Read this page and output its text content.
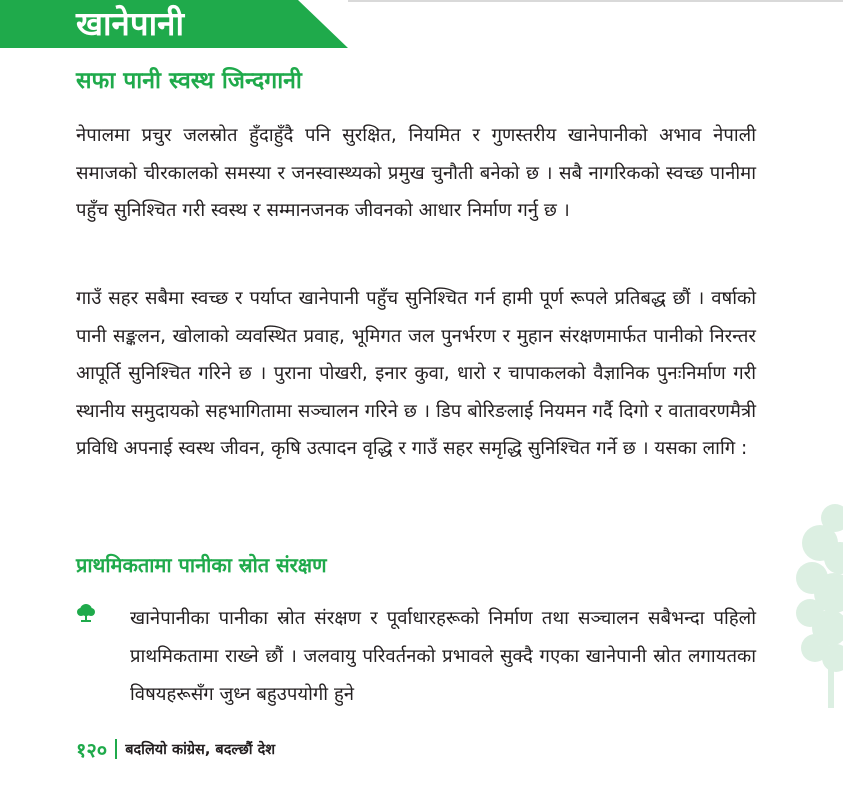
खानेपानी
सफा पानी स्वस्थ जिन्दगानी

नेपालमा प्रचुर जलस्रोत हुँदाहुँदै पनि सुरक्षित, नियमित र गुणस्तरीय खानेपानीको अभाव नेपाली समाजको चीरकालको समस्या र जनस्वास्थ्यको प्रमुख चुनौती बनेको छ । सबै नागरिकको स्वच्छ पानीमा पहुँच सुनिश्चित गरी स्वस्थ र सम्मानजनक जीवनको आधार निर्माण गर्नु छ ।

गाउँ सहर सबैमा स्वच्छ र पर्याप्त खानेपानी पहुँच सुनिश्चित गर्न हामी पूर्ण रूपले प्रतिबद्ध छौं । वर्षाको पानी सङ्कलन, खोलाको व्यवस्थित प्रवाह, भूमिगत जल पुनर्भरण र मुहान संरक्षणमार्फत पानीको निरन्तर आपूर्ति सुनिश्चित गरिने छ । पुराना पोखरी, इनार कुवा, धारो र चापाकलको वैज्ञानिक पुनःनिर्माण गरी स्थानीय समुदायको सहभागितामा सञ्चालन गरिने छ । डिप बोरिङलाई नियमन गर्दै दिगो र वातावरणमैत्री प्रविधि अपनाई स्वस्थ जीवन, कृषि उत्पादन वृद्धि र गाउँ सहर समृद्धि सुनिश्चित गर्ने छ । यसका लागि :

प्राथमिकतामा पानीका स्रोत संरक्षण

खानेपानीका पानीका स्रोत संरक्षण र पूर्वाधारहरूको निर्माण तथा सञ्चालन सबैभन्दा पहिलो प्राथमिकतामा राख्ने छौं । जलवायु परिवर्तनको प्रभावले सुक्दै गएका खानेपानी स्रोत लगायतका विषयहरूसँग जुध्न बहुउपयोगी हुने

१२० बदलियो कांग्रेस, बदल्छौं देश
